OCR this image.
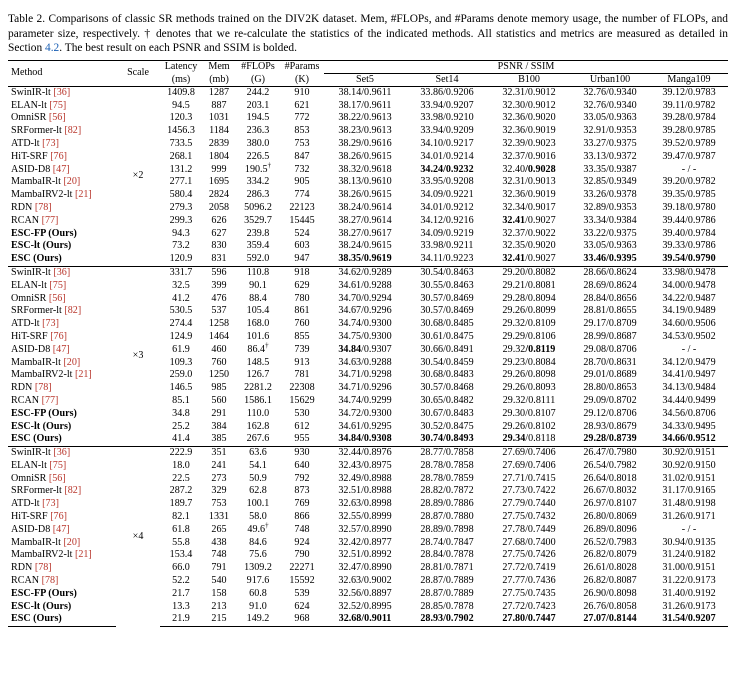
Table 2. Comparisons of classic SR methods trained on the DIV2K dataset. Mem, #FLOPs, and #Params denote memory usage, the number of FLOPs, and parameter size, respectively. † denotes that we re-calculate the statistics of the indicated methods. All statistics and metrics are measured as detailed in Section 4.2. The best result on each PSNR and SSIM is bolded.

Method	Scale	Latency	Mem	#FLOPs	#Params	PSNR / SSIM				
		(ms)	(mb)	(G)	(K)	Set5	Set14	B100	Urban100	Manga109
SwinIR-lt [36]	×2	1409.8	1287	244.2	910	38.14/0.9611	33.86/0.9206	32.31/0.9012	32.76/0.9340	39.12/0.9783
ELAN-lt [75]		94.5	887	203.1	621	38.17/0.9611	33.94/0.9207	32.30/0.9012	32.76/0.9340	39.11/0.9782
OmniSR [56]		120.3	1031	194.5	772	38.22/0.9613	33.98/0.9210	32.36/0.9020	33.05/0.9363	39.28/0.9784
SRFormer-lt [82]		1456.3	1184	236.3	853	38.23/0.9613	33.94/0.9209	32.36/0.9019	32.91/0.9353	39.28/0.9785
ATD-lt [73]		733.5	2839	380.0	753	38.29/0.9616	34.10/0.9217	32.39/0.9023	33.27/0.9375	39.52/0.9789
HiT-SRF [76]		268.1	1804	226.5	847	38.26/0.9615	34.01/0.9214	32.37/0.9016	33.13/0.9372	39.47/0.9787
ASID-D8 [47]		131.2	999	190.5†	732	38.32/0.9618	34.24/0.9232	32.40/0.9028	33.35/0.9387	- / -
MambaIR-lt [20]		277.1	1695	334.2	905	38.13/0.9610	33.95/0.9208	32.31/0.9013	32.85/0.9349	39.20/0.9782
MambaIRV2-lt [21]		580.4	2824	286.3	774	38.26/0.9615	34.09/0.9221	32.36/0.9019	33.26/0.9378	39.35/0.9785
RDN [78]		279.3	2058	5096.2	22123	38.24/0.9614	34.01/0.9212	32.34/0.9017	32.89/0.9353	39.18/0.9780
RCAN [77]		299.3	626	3529.7	15445	38.27/0.9614	34.12/0.9216	32.41/0.9027	33.34/0.9384	39.44/0.9786
ESC-FP (Ours)		94.3	627	239.8	524	38.27/0.9617	34.09/0.9219	32.37/0.9022	33.22/0.9375	39.40/0.9784
ESC-lt (Ours)		73.2	830	359.4	603	38.24/0.9615	33.98/0.9211	32.35/0.9020	33.05/0.9363	39.33/0.9786
ESC (Ours)		120.9	831	592.0	947	38.35/0.9619	34.11/0.9223	32.41/0.9027	33.46/0.9395	39.54/0.9790
SwinIR-lt [36]	×3	331.7	596	110.8	918	34.62/0.9289	30.54/0.8463	29.20/0.8082	28.66/0.8624	33.98/0.9478
ELAN-lt [75]		32.5	399	90.1	629	34.61/0.9288	30.55/0.8463	29.21/0.8081	28.69/0.8624	34.00/0.9478
OmniSR [56]		41.2	476	88.4	780	34.70/0.9294	30.57/0.8469	29.28/0.8094	28.84/0.8656	34.22/0.9487
SRFormer-lt [82]		530.5	537	105.4	861	34.67/0.9296	30.57/0.8469	29.26/0.8099	28.81/0.8655	34.19/0.9489
ATD-lt [73]		274.4	1258	168.0	760	34.74/0.9300	30.68/0.8485	29.32/0.8109	29.17/0.8709	34.60/0.9506
HiT-SRF [76]		124.9	1464	101.6	855	34.75/0.9300	30.61/0.8475	29.29/0.8106	28.99/0.8687	34.53/0.9502
ASID-D8 [47]		61.9	460	86.4†	739	34.84/0.9307	30.66/0.8491	29.32/0.8119	29.08/0.8706	- / -
MambaIR-lt [20]		109.3	760	148.5	913	34.63/0.9288	30.54/0.8459	29.23/0.8084	28.70/0.8631	34.12/0.9479
MambaIRV2-lt [21]		259.0	1250	126.7	781	34.71/0.9298	30.68/0.8483	29.26/0.8098	29.01/0.8689	34.41/0.9497
RDN [78]		146.5	985	2281.2	22308	34.71/0.9296	30.57/0.8468	29.26/0.8093	28.80/0.8653	34.13/0.9484
RCAN [77]		85.1	560	1586.1	15629	34.74/0.9299	30.65/0.8482	29.32/0.8111	29.09/0.8702	34.44/0.9499
ESC-FP (Ours)		34.8	291	110.0	530	34.72/0.9300	30.67/0.8483	29.30/0.8107	29.12/0.8706	34.56/0.8706
ESC-lt (Ours)		25.2	384	162.8	612	34.61/0.9295	30.52/0.8475	29.26/0.8102	28.93/0.8679	34.33/0.9495
ESC (Ours)		41.4	385	267.6	955	34.84/0.9308	30.74/0.8493	29.34/0.8118	29.28/0.8739	34.66/0.9512
SwinIR-lt [36]	×4	222.9	351	63.6	930	32.44/0.8976	28.77/0.7858	27.69/0.7406	26.47/0.7980	30.92/0.9151
ELAN-lt [75]		18.0	241	54.1	640	32.43/0.8975	28.78/0.7858	27.69/0.7406	26.54/0.7982	30.92/0.9150
OmniSR [56]		22.5	273	50.9	792	32.49/0.8988	28.78/0.7859	27.71/0.7415	26.64/0.8018	31.02/0.9151
SRFormer-lt [82]		287.2	329	62.8	873	32.51/0.8988	28.82/0.7872	27.73/0.7422	26.67/0.8032	31.17/0.9165
ATD-lt [73]		189.7	753	100.1	769	32.63/0.8998	28.89/0.7886	27.79/0.7440	26.97/0.8107	31.48/0.9198
HiT-SRF [76]		82.1	1331	58.0	866	32.55/0.8999	28.87/0.7880	27.75/0.7432	26.80/0.8069	31.26/0.9171
ASID-D8 [47]		61.8	265	49.6†	748	32.57/0.8990	28.89/0.7898	27.78/0.7449	26.89/0.8096	- / -
MambaIR-lt [20]		55.8	438	84.6	924	32.42/0.8977	28.74/0.7847	27.68/0.7400	26.52/0.7983	30.94/0.9135
MambaIRV2-lt [21]		153.4	748	75.6	790	32.51/0.8992	28.84/0.7878	27.75/0.7426	26.82/0.8079	31.24/0.9182
RDN [78]		66.0	791	1309.2	22271	32.47/0.8990	28.81/0.7871	27.72/0.7419	26.61/0.8028	31.00/0.9151
RCAN [78]		52.2	540	917.6	15592	32.63/0.9002	28.87/0.7889	27.77/0.7436	26.82/0.8087	31.22/0.9173
ESC-FP (Ours)		21.7	158	60.8	539	32.56/0.8897	28.87/0.7889	27.75/0.7435	26.90/0.8098	31.40/0.9192
ESC-lt (Ours)		13.3	213	91.0	624	32.52/0.8995	28.85/0.7878	27.72/0.7423	26.76/0.8058	31.26/0.9173
ESC (Ours)		21.9	215	149.2	968	32.68/0.9011	28.93/0.7902	27.80/0.7447	27.07/0.8144	31.54/0.9207
